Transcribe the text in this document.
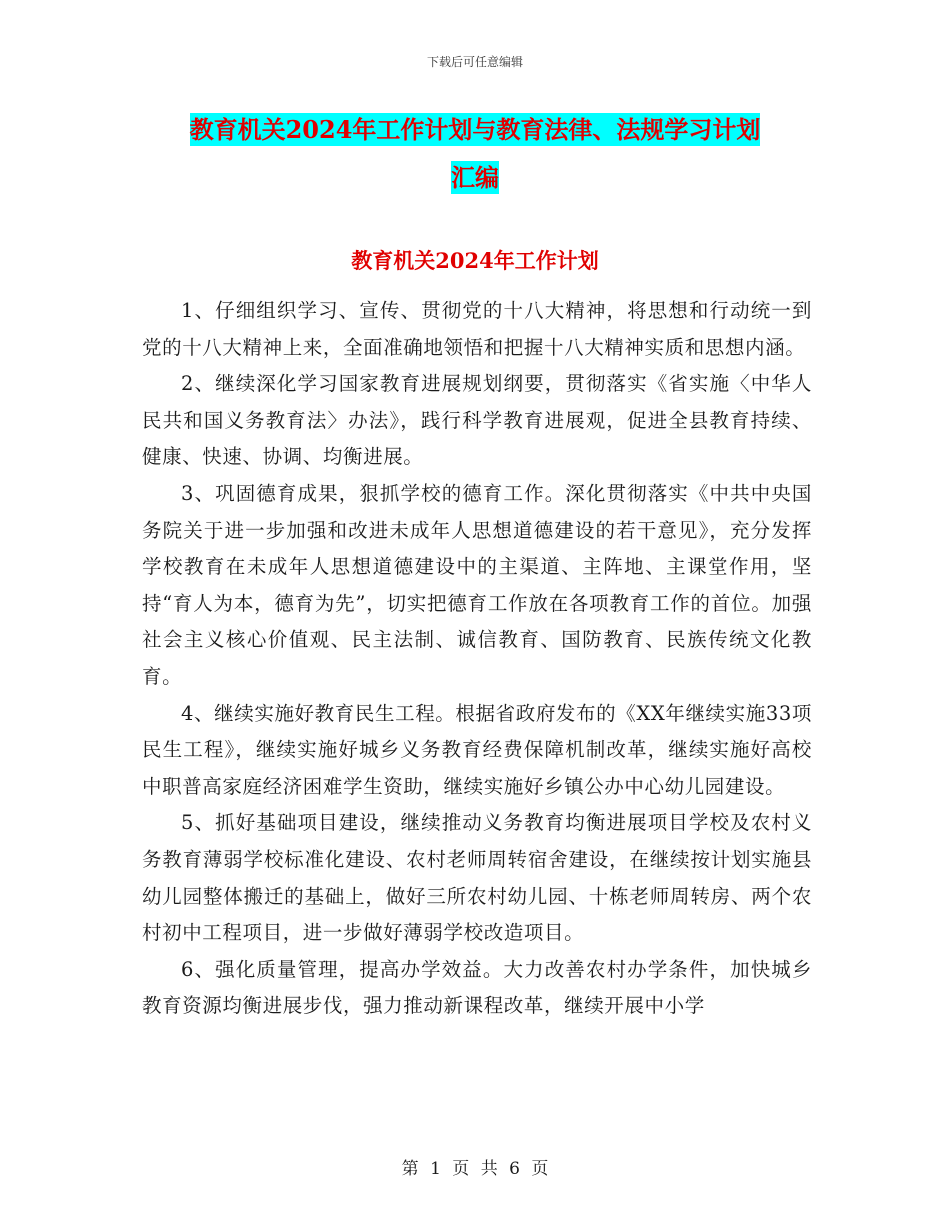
下载后可任意编辑
教育机关2024年工作计划与教育法律、法规学习计划
汇编
教育机关2024年工作计划

1、仔细组织学习、宣传、贯彻党的十八大精神，将思想和行动统一到党的十八大精神上来，全面准确地领悟和把握十八大精神实质和思想内涵。

2、继续深化学习国家教育进展规划纲要，贯彻落实《省实施〈中华人民共和国义务教育法〉办法》，践行科学教育进展观，促进全县教育持续、健康、快速、协调、均衡进展。

3、巩固德育成果，狠抓学校的德育工作。深化贯彻落实《中共中央国务院关于进一步加强和改进未成年人思想道德建设的若干意见》，充分发挥学校教育在未成年人思想道德建设中的主渠道、主阵地、主课堂作用，坚持“育人为本，德育为先”，切实把德育工作放在各项教育工作的首位。加强社会主义核心价值观、民主法制、诚信教育、国防教育、民族传统文化教育。

4、继续实施好教育民生工程。根据省政府发布的《XX年继续实施33项民生工程》，继续实施好城乡义务教育经费保障机制改革，继续实施好高校中职普高家庭经济困难学生资助，继续实施好乡镇公办中心幼儿园建设。

5、抓好基础项目建设，继续推动义务教育均衡进展项目学校及农村义务教育薄弱学校标准化建设、农村老师周转宿舍建设，在继续按计划实施县幼儿园整体搬迁的基础上，做好三所农村幼儿园、十栋老师周转房、两个农村初中工程项目，进一步做好薄弱学校改造项目。

6、强化质量管理，提高办学效益。大力改善农村办学条件，加快城乡教育资源均衡进展步伐，强力推动新课程改革，继续开展中小学

第 1 页 共 6 页
